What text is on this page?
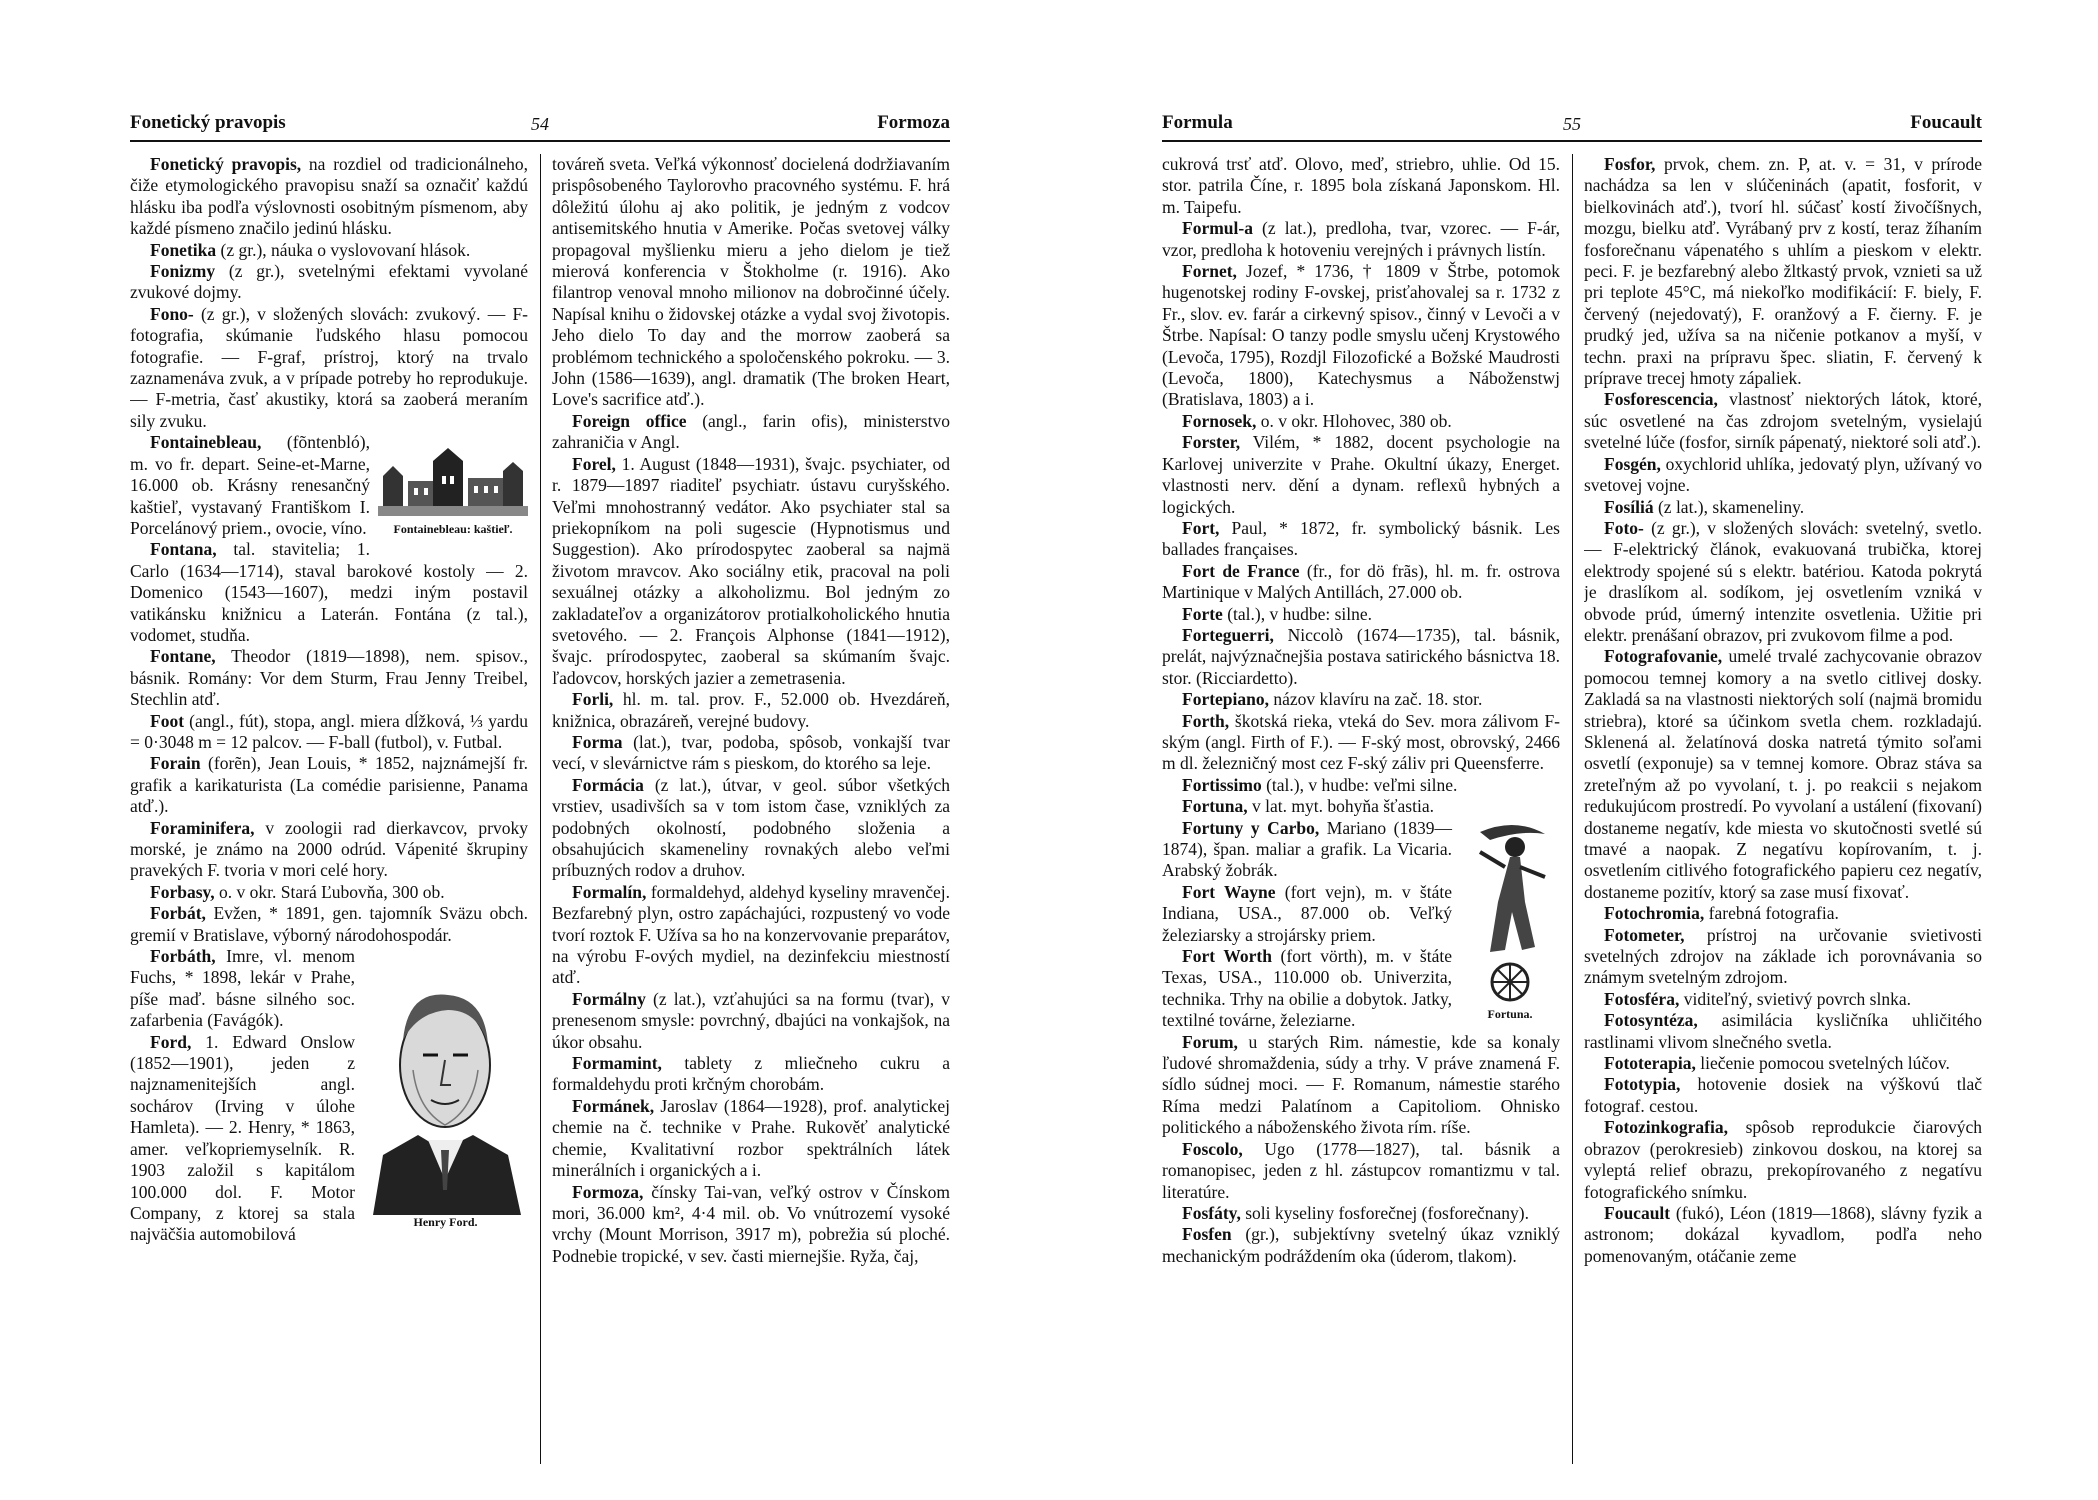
Fonetický pravopis	54	Formoza

Fonetický pravopis, na rozdiel od tradicionálneho, čiže etymologického pravopisu snaží sa označiť každú hlásku iba podľa výslovnosti osobitným písmenom, aby každé písmeno značilo jedinú hlásku.

Fonetika (z gr.), náuka o vyslovovaní hlások.

Fonizmy (z gr.), svetelnými efektami vyvolané zvukové dojmy.

Fono- (z gr.), v složených slovách: zvukový. — F-fotografia, skúmanie ľudského hlasu pomocou fotografie. — F-graf, prístroj, ktorý na trvalo zaznamenáva zvuk, a v prípade potreby ho reprodukuje. — F-metria, časť akustiky, ktorá sa zaoberá meraním sily zvuku.

Fontainebleau: kaštieľ.

Fontainebleau, (fõntenbló), m. vo fr. depart. Seine-et-Marne, 16.000 ob. Krásny renesančný kaštieľ, vystavaný Františkom I. Porcelánový priem., ovocie, víno.

Fontana, tal. stavitelia; 1. Carlo (1634—1714), staval barokové kostoly — 2. Domenico (1543—1607), medzi iným postavil vatikánsku knižnicu a Laterán. Fontána (z tal.), vodomet, studňa.

Fontane, Theodor (1819—1898), nem. spisov., básnik. Romány: Vor dem Sturm, Frau Jenny Treibel, Stechlin atď.

Foot (angl., fút), stopa, angl. miera dĺžková, ⅓ yardu = 0·3048 m = 12 palcov. — F-ball (futbol), v. Futbal.

Forain (forẽn), Jean Louis, * 1852, najznámejší fr. grafik a karikaturista (La comédie parisienne, Panama atď.).

Foraminifera, v zoologii rad dierkavcov, prvoky morské, je známo na 2000 odrúd. Vápenité škrupiny pravekých F. tvoria v mori celé hory.

Forbasy, o. v okr. Stará Ľubovňa, 300 ob.

Forbát, Evžen, * 1891, gen. tajomník Sväzu obch. gremií v Bratislave, výborný národohospodár.

Henry Ford.

Forbáth, Imre, vl. menom Fuchs, * 1898, lekár v Prahe, píše maď. básne silného soc. zafarbenia (Favágók).

Ford, 1. Edward Onslow (1852—1901), jeden z najznamenitejších angl. sochárov (Irving v úlohe Hamleta). — 2. Henry, * 1863, amer. veľkopriemyselník. R. 1903 založil s kapitálom 100.000 dol. F. Motor Company, z ktorej sa stala najväčšia automobilová

továreň sveta. Veľká výkonnosť docielená dodržiavaním prispôsobeného Taylorovho pracovného systému. F. hrá dôležitú úlohu aj ako politik, je jedným z vodcov antisemitského hnutia v Amerike. Počas svetovej války propagoval myšlienku mieru a jeho dielom je tiež mierová konferencia v Štokholme (r. 1916). Ako filantrop venoval mnoho milionov na dobročinné účely. Napísal knihu o židovskej otázke a vydal svoj životopis. Jeho dielo To day and the morrow zaoberá sa problémom technického a spoločenského pokroku. — 3. John (1586—1639), angl. dramatik (The broken Heart, Love's sacrifice atď.).

Foreign office (angl., farin ofis), ministerstvo zahraničia v Angl.

Forel, 1. August (1848—1931), švajc. psychiater, od r. 1879—1897 riaditeľ psychiatr. ústavu curyšského. Veľmi mnohostranný vedátor. Ako psychiater stal sa priekopníkom na poli sugescie (Hypnotismus und Suggestion). Ako prírodospytec zaoberal sa najmä životom mravcov. Ako sociálny etik, pracoval na poli sexuálnej otázky a alkoholizmu. Bol jedným zo zakladateľov a organizátorov protialkoholického hnutia svetového. — 2. François Alphonse (1841—1912), švajc. prírodospytec, zaoberal sa skúmaním švajc. ľadovcov, horských jazier a zemetrasenia.

Forli, hl. m. tal. prov. F., 52.000 ob. Hvezdáreň, knižnica, obrazáreň, verejné budovy.

Forma (lat.), tvar, podoba, spôsob, vonkajší tvar vecí, v slevárnictve rám s pieskom, do ktorého sa leje.

Formácia (z lat.), útvar, v geol. súbor všetkých vrstiev, usadivších sa v tom istom čase, vzniklých za podobných okolností, podobného složenia a obsahujúcich skameneliny rovnakých alebo veľmi príbuzných rodov a druhov.

Formalín, formaldehyd, aldehyd kyseliny mravenčej. Bezfarebný plyn, ostro zapáchajúci, rozpustený vo vode tvorí roztok F. Užíva sa ho na konzervovanie preparátov, na výrobu F-ových mydiel, na dezinfekciu miestností atď.

Formálny (z lat.), vzťahujúci sa na formu (tvar), v prenesenom smysle: povrchný, dbajúci na vonkajšok, na úkor obsahu.

Formamint, tablety z mliečneho cukru a formaldehydu proti krčným chorobám.

Formánek, Jaroslav (1864—1928), prof. analytickej chemie na č. technike v Prahe. Rukověť analytické chemie, Kvalitativní rozbor spektrálních látek minerálních i organických a i.

Formoza, čínsky Tai-van, veľký ostrov v Čínskom mori, 36.000 km², 4·4 mil. ob. Vo vnútrozemí vysoké vrchy (Mount Morrison, 3917 m), pobrežia sú ploché. Podnebie tropické, v sev. časti miernejšie. Ryža, čaj,

Formula	55	Foucault

cukrová trsť atď. Olovo, meď, striebro, uhlie. Od 15. stor. patrila Číne, r. 1895 bola získaná Japonskom. Hl. m. Taipefu.

Formul-a (z lat.), predloha, tvar, vzorec. — F-ár, vzor, predloha k hotoveniu verejných i právnych listín.

Fornet, Jozef, * 1736, † 1809 v Štrbe, potomok hugenotskej rodiny F-ovskej, prisťahovalej sa r. 1732 z Fr., slov. ev. farár a cirkevný spisov., činný v Levoči a v Štrbe. Napísal: O tanzy podle smyslu učenj Krystowého (Levoča, 1795), Rozdjl Filozofické a Božské Maudrosti (Levoča, 1800), Katechysmus a Náboženstwj (Bratislava, 1803) a i.

Fornosek, o. v okr. Hlohovec, 380 ob.

Forster, Vilém, * 1882, docent psychologie na Karlovej univerzite v Prahe. Okultní úkazy, Energet. vlastnosti nerv. dění a dynam. reflexů hybných a logických.

Fort, Paul, * 1872, fr. symbolický básnik. Les ballades françaises.

Fort de France (fr., for dö frãs), hl. m. fr. ostrova Martinique v Malých Antillách, 27.000 ob.

Forte (tal.), v hudbe: silne.

Forteguerri, Niccolò (1674—1735), tal. básnik, prelát, najvýznačnejšia postava satirického básnictva 18. stor. (Ricciardetto).

Fortepiano, názov klavíru na zač. 18. stor.

Forth, škotská rieka, vteká do Sev. mora zálivom F-ským (angl. Firth of F.). — F-ský most, obrovský, 2466 m dl. železničný most cez F-ský záliv pri Queensferre.

Fortissimo (tal.), v hudbe: veľmi silne.

Fortuna, v lat. myt. bohyňa šťastia.

Fortuna.

Fortuny y Carbo, Mariano (1839—1874), špan. maliar a grafik. La Vicaria. Arabský žobrák.

Fort Wayne (fort vejn), m. v štáte Indiana, USA., 87.000 ob. Veľký železiarsky a strojársky priem.

Fort Worth (fort vörth), m. v štáte Texas, USA., 110.000 ob. Univerzita, technika. Trhy na obilie a dobytok. Jatky, textilné továrne, železiarne.

Forum, u starých Rim. námestie, kde sa konaly ľudové shromaždenia, súdy a trhy. V práve znamená F. sídlo súdnej moci. — F. Romanum, námestie starého Ríma medzi Palatínom a Capitoliom. Ohnisko politického a náboženského života rím. ríše.

Foscolo, Ugo (1778—1827), tal. básnik a romanopisec, jeden z hl. zástupcov romantizmu v tal. literatúre.

Fosfáty, soli kyseliny fosforečnej (fosforečnany).

Fosfen (gr.), subjektívny svetelný úkaz vzniklý mechanickým podráždením oka (úderom, tlakom).

Fosfor, prvok, chem. zn. P, at. v. = 31, v prírode nachádza sa len v slúčeninách (apatit, fosforit, v bielkovinách atď.), tvorí hl. súčasť kostí živočíšnych, mozgu, bielku atď. Vyrábaný prv z kostí, teraz žíhaním fosforečnanu vápenatého s uhlím a pieskom v elektr. peci. F. je bezfarebný alebo žltkastý prvok, vznieti sa už pri teplote 45°C, má niekoľko modifikácií: F. biely, F. červený (nejedovatý), F. oranžový a F. čierny. F. je prudký jed, užíva sa na ničenie potkanov a myší, v techn. praxi na prípravu špec. sliatin, F. červený k príprave trecej hmoty zápaliek.

Fosforescencia, vlastnosť niektorých látok, ktoré, súc osvetlené na čas zdrojom svetelným, vysielajú svetelné lúče (fosfor, sirník pápenatý, niektoré soli atď.).

Fosgén, oxychlorid uhlíka, jedovatý plyn, užívaný vo svetovej vojne.

Fosíliá (z lat.), skameneliny.

Foto- (z gr.), v složených slovách: svetelný, svetlo. — F-elektrický článok, evakuovaná trubička, ktorej elektrody spojené sú s elektr. batériou. Katoda pokrytá je draslíkom al. sodíkom, jej osvetlením vzniká v obvode prúd, úmerný intenzite osvetlenia. Užitie pri elektr. prenášaní obrazov, pri zvukovom filme a pod.

Fotografovanie, umelé trvalé zachycovanie obrazov pomocou temnej komory a na svetlo citlivej dosky. Zakladá sa na vlastnosti niektorých solí (najmä bromidu striebra), ktoré sa účinkom svetla chem. rozkladajú. Sklenená al. želatínová doska natretá týmito soľami osvetlí (exponuje) sa v temnej komore. Obraz stáva sa zreteľným až po vyvolaní, t. j. po reakcii s nejakom redukujúcom prostredí. Po vyvolaní a ustálení (fixovaní) dostaneme negatív, kde miesta vo skutočnosti svetlé sú tmavé a naopak. Z negatívu kopírovaním, t. j. osvetlením citlivého fotografického papieru cez negatív, dostaneme pozitív, ktorý sa zase musí fixovať.

Fotochromia, farebná fotografia.

Fotometer, prístroj na určovanie svietivosti svetelných zdrojov na základe ich porovnávania so známym svetelným zdrojom.

Fotosféra, viditeľný, svietivý povrch slnka.

Fotosyntéza, asimilácia kysličníka uhličitého rastlinami vlivom slnečného svetla.

Fototerapia, liečenie pomocou svetelných lúčov.

Fototypia, hotovenie dosiek na výškovú tlač fotograf. cestou.

Fotozinkografia, spôsob reprodukcie čiarových obrazov (perokresieb) zinkovou doskou, na ktorej sa vyleptá relief obrazu, prekopírovaného z negatívu fotografického snímku.

Foucault (fukó), Léon (1819—1868), slávny fyzik a astronom; dokázal kyvadlom, podľa neho pomenovaným, otáčanie zeme
